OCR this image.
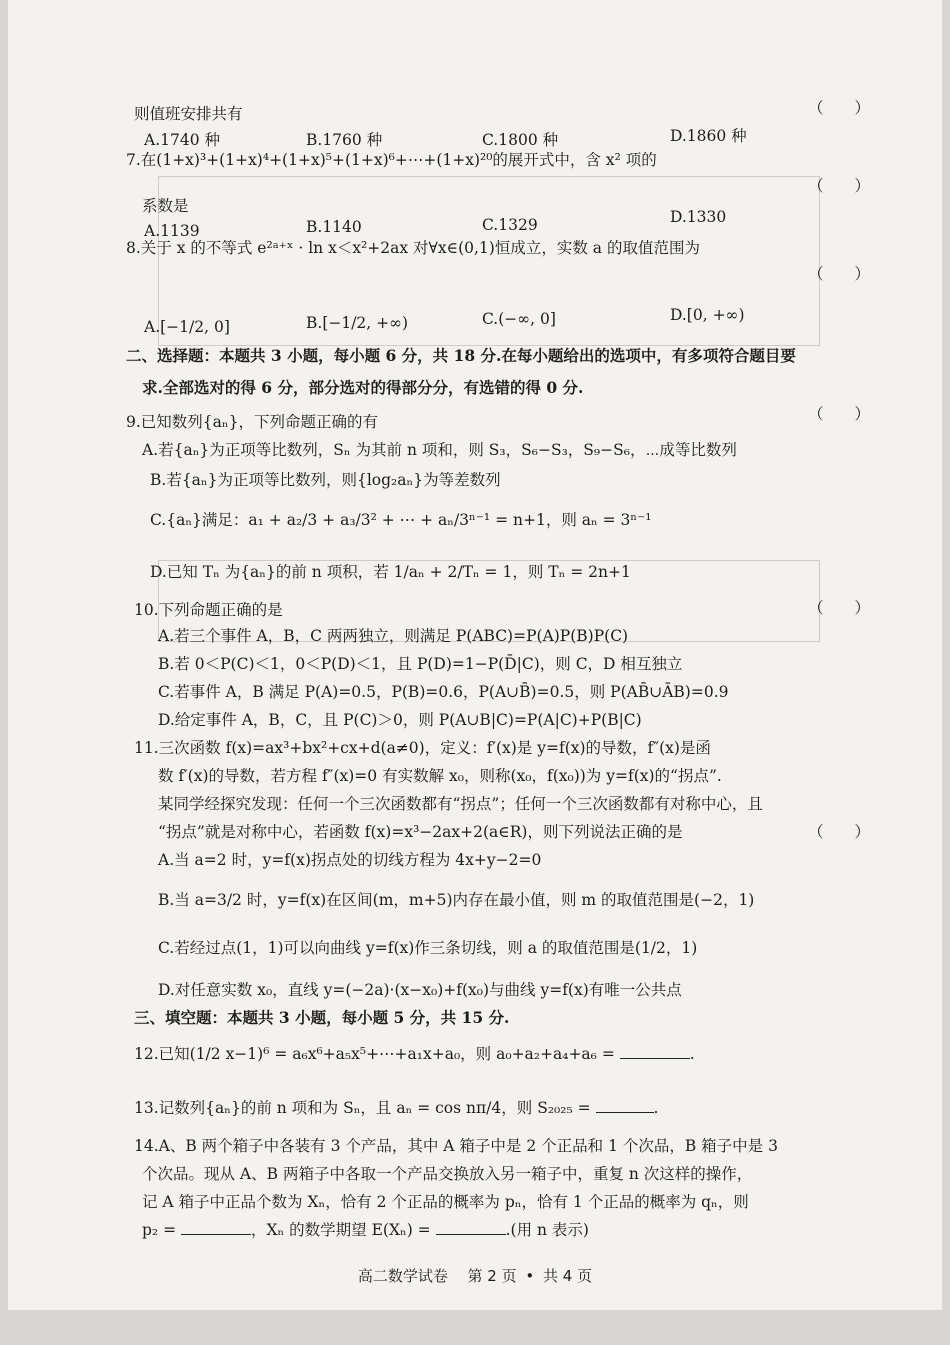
则值班安排共有	（　　）
A.1740 种	B.1760 种	C.1800 种	D.1860 种
7.在(1+x)³+(1+x)⁴+(1+x)⁵+(1+x)⁶+⋯+(1+x)²⁰的展开式中，含 x² 项的
（　　）
系数是
A.1139	B.1140	C.1329	D.1330
8.关于 x 的不等式 e²ᵃ⁺ˣ · ln x＜x²+2ax 对∀x∈(0,1)恒成立，实数 a 的取值范围为
（　　）
A.[−1/2, 0]	B.[−1/2, +∞)	C.(−∞, 0]	D.[0, +∞)
二、选择题：本题共 3 小题，每小题 6 分，共 18 分.在每小题给出的选项中，有多项符合题目要
求.全部选对的得 6 分，部分选对的得部分分，有选错的得 0 分.
9.已知数列{aₙ}，下列命题正确的有	（　　）
A.若{aₙ}为正项等比数列，Sₙ 为其前 n 项和，则 S₃，S₆−S₃，S₉−S₆，⋯成等比数列
B.若{aₙ}为正项等比数列，则{log₂aₙ}为等差数列
C.{aₙ}满足：a₁ + a₂/3 + a₃/3² + ⋯ + aₙ/3ⁿ⁻¹ = n+1，则 aₙ = 3ⁿ⁻¹
D.已知 Tₙ 为{aₙ}的前 n 项积，若 1/aₙ + 2/Tₙ = 1，则 Tₙ = 2n+1
10.下列命题正确的是	（　　）
A.若三个事件 A，B，C 两两独立，则满足 P(ABC)=P(A)P(B)P(C)
B.若 0＜P(C)＜1，0＜P(D)＜1，且 P(D)=1−P(D̄|C)，则 C，D 相互独立
C.若事件 A，B 满足 P(A)=0.5，P(B)=0.6，P(A∪B̄)=0.5，则 P(AB̄∪ĀB)=0.9
D.给定事件 A，B，C，且 P(C)＞0，则 P(A∪B|C)=P(A|C)+P(B|C)
11.三次函数 f(x)=ax³+bx²+cx+d(a≠0)，定义：f′(x)是 y=f(x)的导数，f″(x)是函
数 f′(x)的导数，若方程 f″(x)=0 有实数解 x₀，则称(x₀，f(x₀))为 y=f(x)的“拐点”.
某同学经探究发现：任何一个三次函数都有“拐点”；任何一个三次函数都有对称中心，且
“拐点”就是对称中心，若函数 f(x)=x³−2ax+2(a∈R)，则下列说法正确的是	（　　）
A.当 a=2 时，y=f(x)拐点处的切线方程为 4x+y−2=0
B.当 a=3/2 时，y=f(x)在区间(m，m+5)内存在最小值，则 m 的取值范围是(−2，1)
C.若经过点(1，1)可以向曲线 y=f(x)作三条切线，则 a 的取值范围是(1/2，1)
D.对任意实数 x₀，直线 y=(−2a)·(x−x₀)+f(x₀)与曲线 y=f(x)有唯一公共点
三、填空题：本题共 3 小题，每小题 5 分，共 15 分.
12.已知(1/2 x−1)⁶ = a₆x⁶+a₅x⁵+⋯+a₁x+a₀，则 a₀+a₂+a₄+a₆ =	.
13.记数列{aₙ}的前 n 项和为 Sₙ，且 aₙ = cos nπ/4，则 S₂₀₂₅ =	.
14.A、B 两个箱子中各装有 3 个产品，其中 A 箱子中是 2 个正品和 1 个次品，B 箱子中是 3
个次品。现从 A、B 两箱子中各取一个产品交换放入另一箱子中，重复 n 次这样的操作，
记 A 箱子中正品个数为 Xₙ，恰有 2 个正品的概率为 pₙ，恰有 1 个正品的概率为 qₙ，则
p₂ =	，Xₙ 的数学期望 E(Xₙ) =	.(用 n 表示)
高二数学试卷 第 2 页 • 共 4 页
